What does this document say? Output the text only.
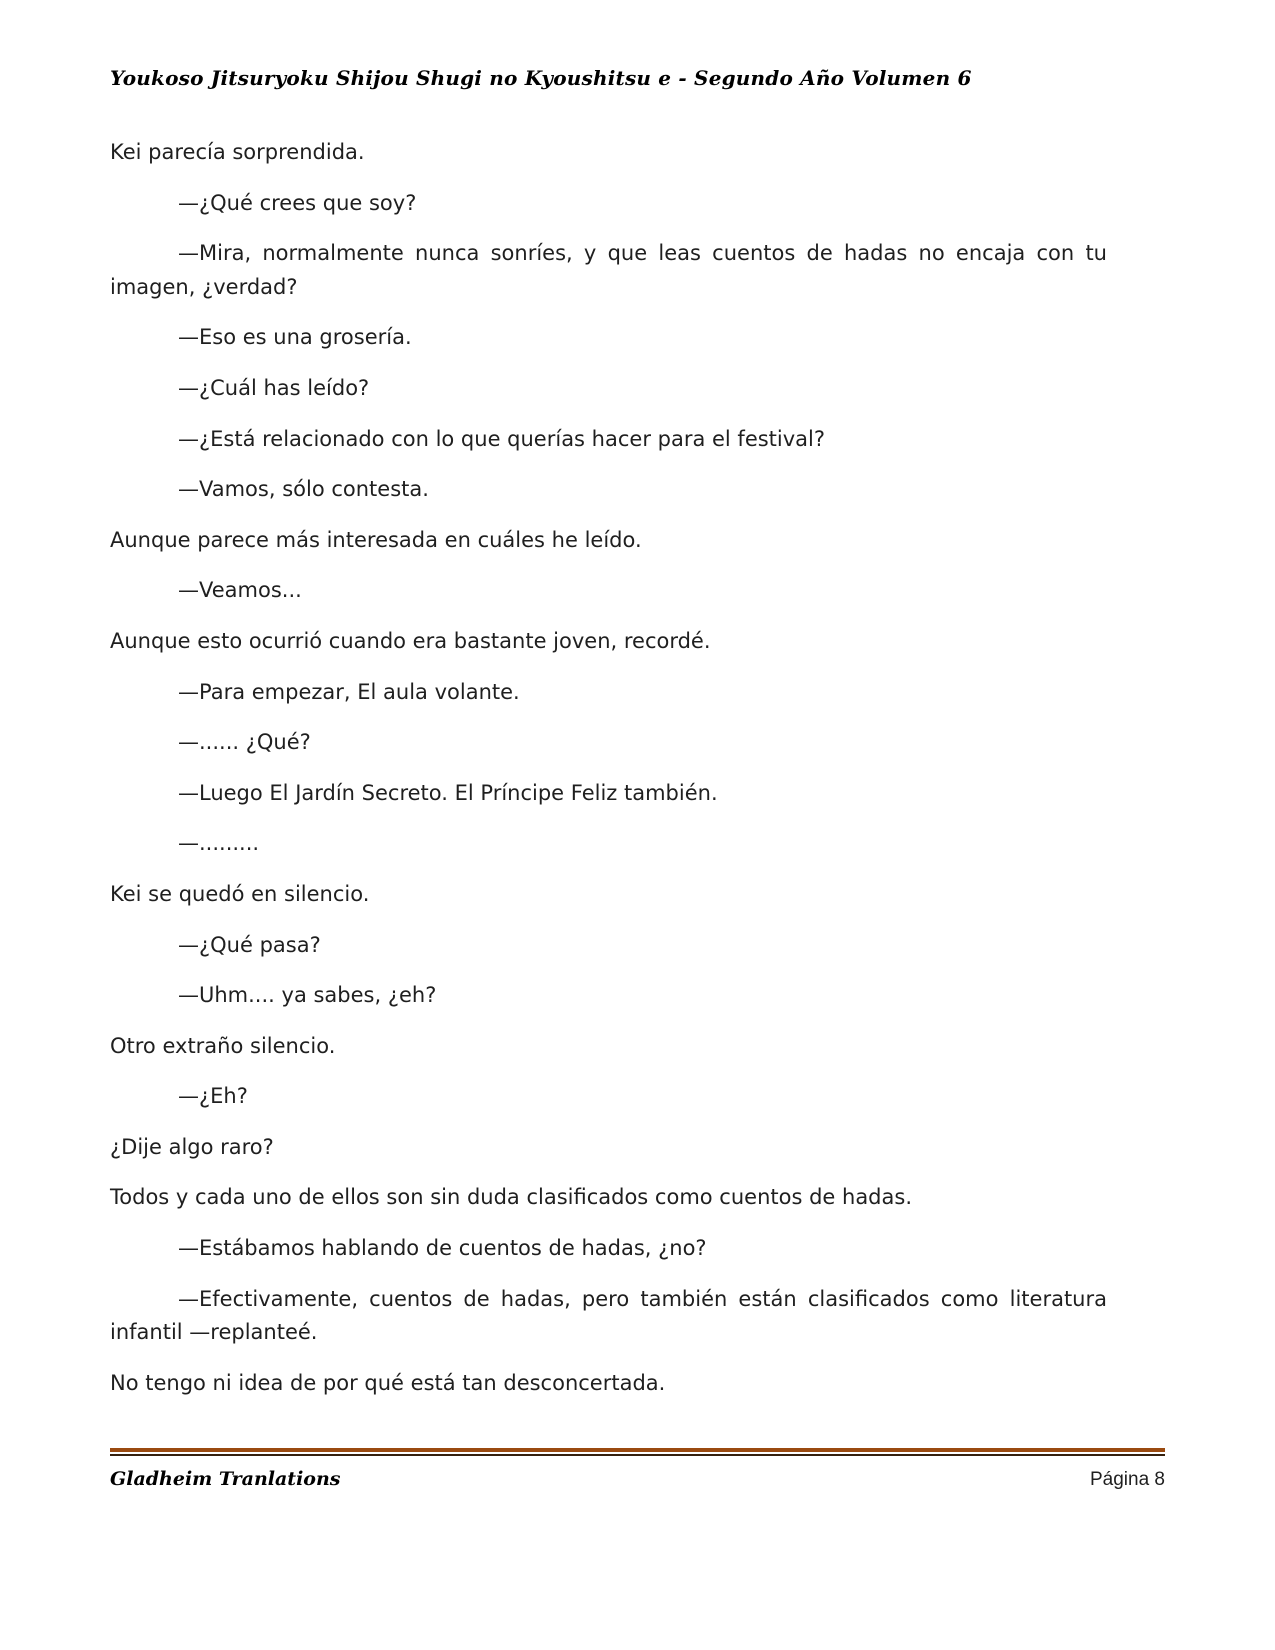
Youkoso Jitsuryoku Shijou Shugi no Kyoushitsu e - Segundo Año Volumen 6

Kei parecía sorprendida.

—¿Qué crees que soy?

—Mira, normalmente nunca sonríes, y que leas cuentos de hadas no encaja con tu imagen, ¿verdad?

—Eso es una grosería.

—¿Cuál has leído?

—¿Está relacionado con lo que querías hacer para el festival?

—Vamos, sólo contesta.

Aunque parece más interesada en cuáles he leído.

—Veamos...

Aunque esto ocurrió cuando era bastante joven, recordé.

—Para empezar, El aula volante.

—...... ¿Qué?

—Luego El Jardín Secreto. El Príncipe Feliz también.

—.........

Kei se quedó en silencio.

—¿Qué pasa?

—Uhm.... ya sabes, ¿eh?

Otro extraño silencio.

—¿Eh?

¿Dije algo raro?

Todos y cada uno de ellos son sin duda clasificados como cuentos de hadas.

—Estábamos hablando de cuentos de hadas, ¿no?

—Efectivamente, cuentos de hadas, pero también están clasificados como literatura infantil —replanteé.

No tengo ni idea de por qué está tan desconcertada.

Gladheim Tranlations	Página 8
